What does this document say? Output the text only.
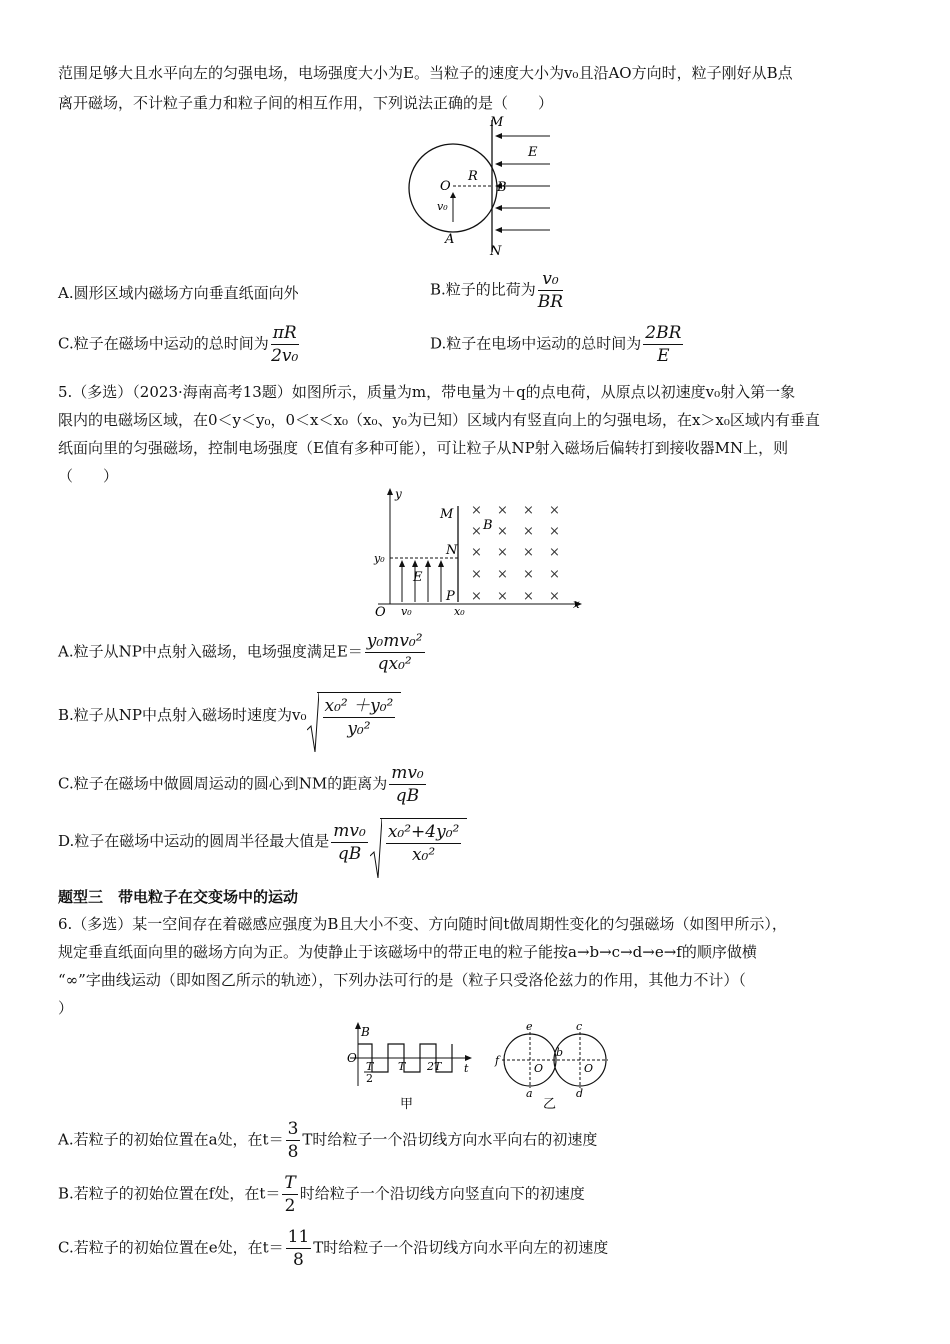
范围足够大且水平向左的匀强电场，电场强度大小为E。当粒子的速度大小为v₀且沿AO方向时，粒子刚好从B点
离开磁场，不计粒子重力和粒子间的相互作用，下列说法正确的是（　　）
M
E
R
O	B
v₀
A
N
A.圆形区域内磁场方向垂直纸面向外	B.粒子的比荷为 $\frac{\text{v₀}}{BR}$
C.粒子在磁场中运动的总时间为 $\frac{\pi R}{\text{2v₀}}$	D.粒子在电场中运动的总时间为 $\frac{2BR}{E}$
5.（多选）（2023·海南高考13题）如图所示，质量为m，带电量为＋q的点电荷，从原点以初速度v₀射入第一象
限内的电磁场区域，在0＜y＜y₀，0＜x＜x₀（x₀、y₀为已知）区域内有竖直向上的匀强电场，在x＞x₀区域内有垂直
纸面向里的匀强磁场，控制电场强度（E值有多种可能），可让粒子从NP射入磁场后偏转打到接收器MN上，则
（　　）
× × × ×
× × × ×
× × × ×
× × × ×
× × × ×
y
M
B
y₀
N
E
P
O v₀	x₀
x
A.粒子从NP中点射入磁场，电场强度满足$E= \frac{\text{y₀mv₀²}}{\text{qx₀²}}$
B.粒子从NP中点射入磁场时速度为$v_0 \frac{\text{x₀² ＋y₀²}}{\text{y₀²}}$
C.粒子在磁场中做圆周运动的圆心到NM的距离为 $\frac{\text{mv₀}}{qB}$
D.粒子在磁场中运动的圆周半径最大值是 $\frac{\text{mv₀}}{qB} \frac{\text{x₀²+4y₀²}}{\text{x₀²}}$
题型三　带电粒子在交变场中的运动
6.（多选）某一空间存在着磁感应强度为B且大小不变、方向随时间t做周期性变化的匀强磁场（如图甲所示），
规定垂直纸面向里的磁场方向为正。为使静止于该磁场中的带正电的粒子能按a→b→c→d→e→f的顺序做横
“∞”字曲线运动（即如图乙所示的轨迹），下列办法可行的是（粒子只受洛伦兹力的作用，其他力不计）（
）
B
O
T
2
T 2T t
甲
e	c
f
b
O	O
a	d
乙
A.若粒子的初始位置在a处，在$t= \frac{3}{8}$ T时给粒子一个沿切线方向水平向右的初速度
B.若粒子的初始位置在f处，在$t= \frac{T}{2}$ 时给粒子一个沿切线方向竖直向下的初速度
C.若粒子的初始位置在e处，在$t= \frac{11}{8}$ T时给粒子一个沿切线方向水平向左的初速度
